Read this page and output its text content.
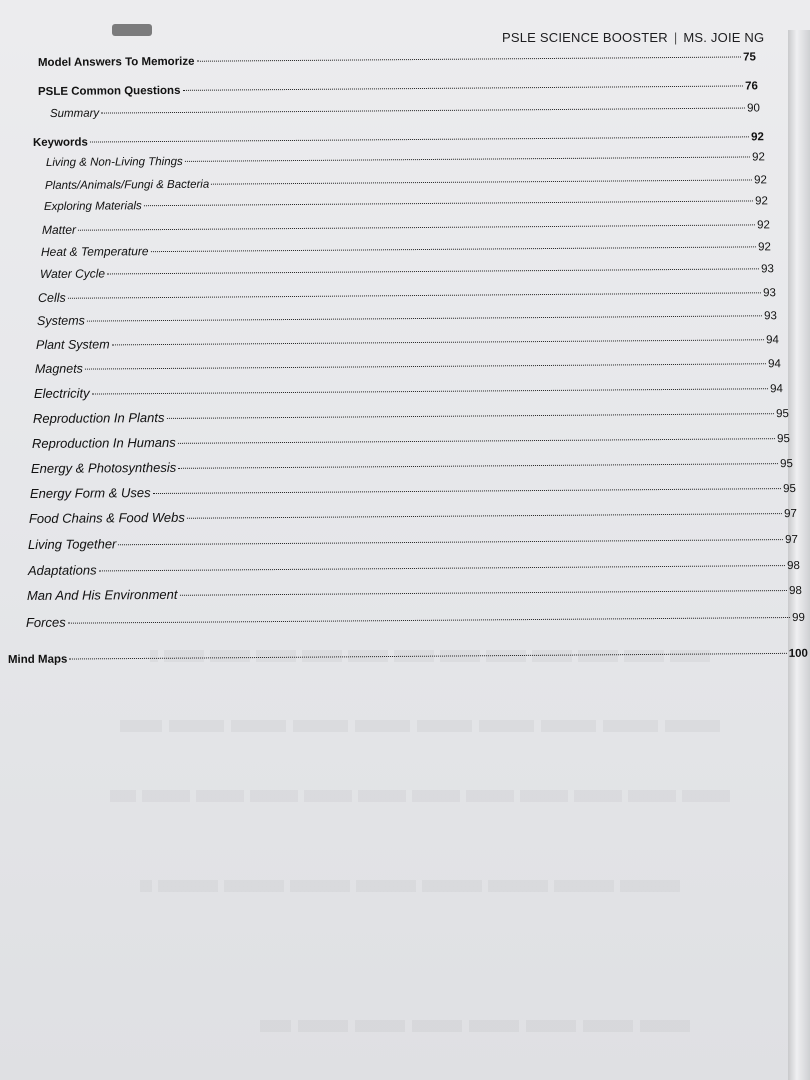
PSLE SCIENCE BOOSTER | MS. JOIE NG
Model Answers To Memorize	75
PSLE Common Questions	76
Summary	90
Keywords	92
Living & Non-Living Things	92
Plants/Animals/Fungi & Bacteria	92
Exploring Materials	92
Matter	92
Heat & Temperature	92
Water Cycle	93
Cells	93
Systems	93
Plant System	94
Magnets	94
Electricity	94
Reproduction In Plants	95
Reproduction In Humans	95
Energy & Photosynthesis	95
Energy Form & Uses	95
Food Chains & Food Webs	97
Living Together	97
Adaptations	98
Man And His Environment	98
Forces	99
Mind Maps	100
